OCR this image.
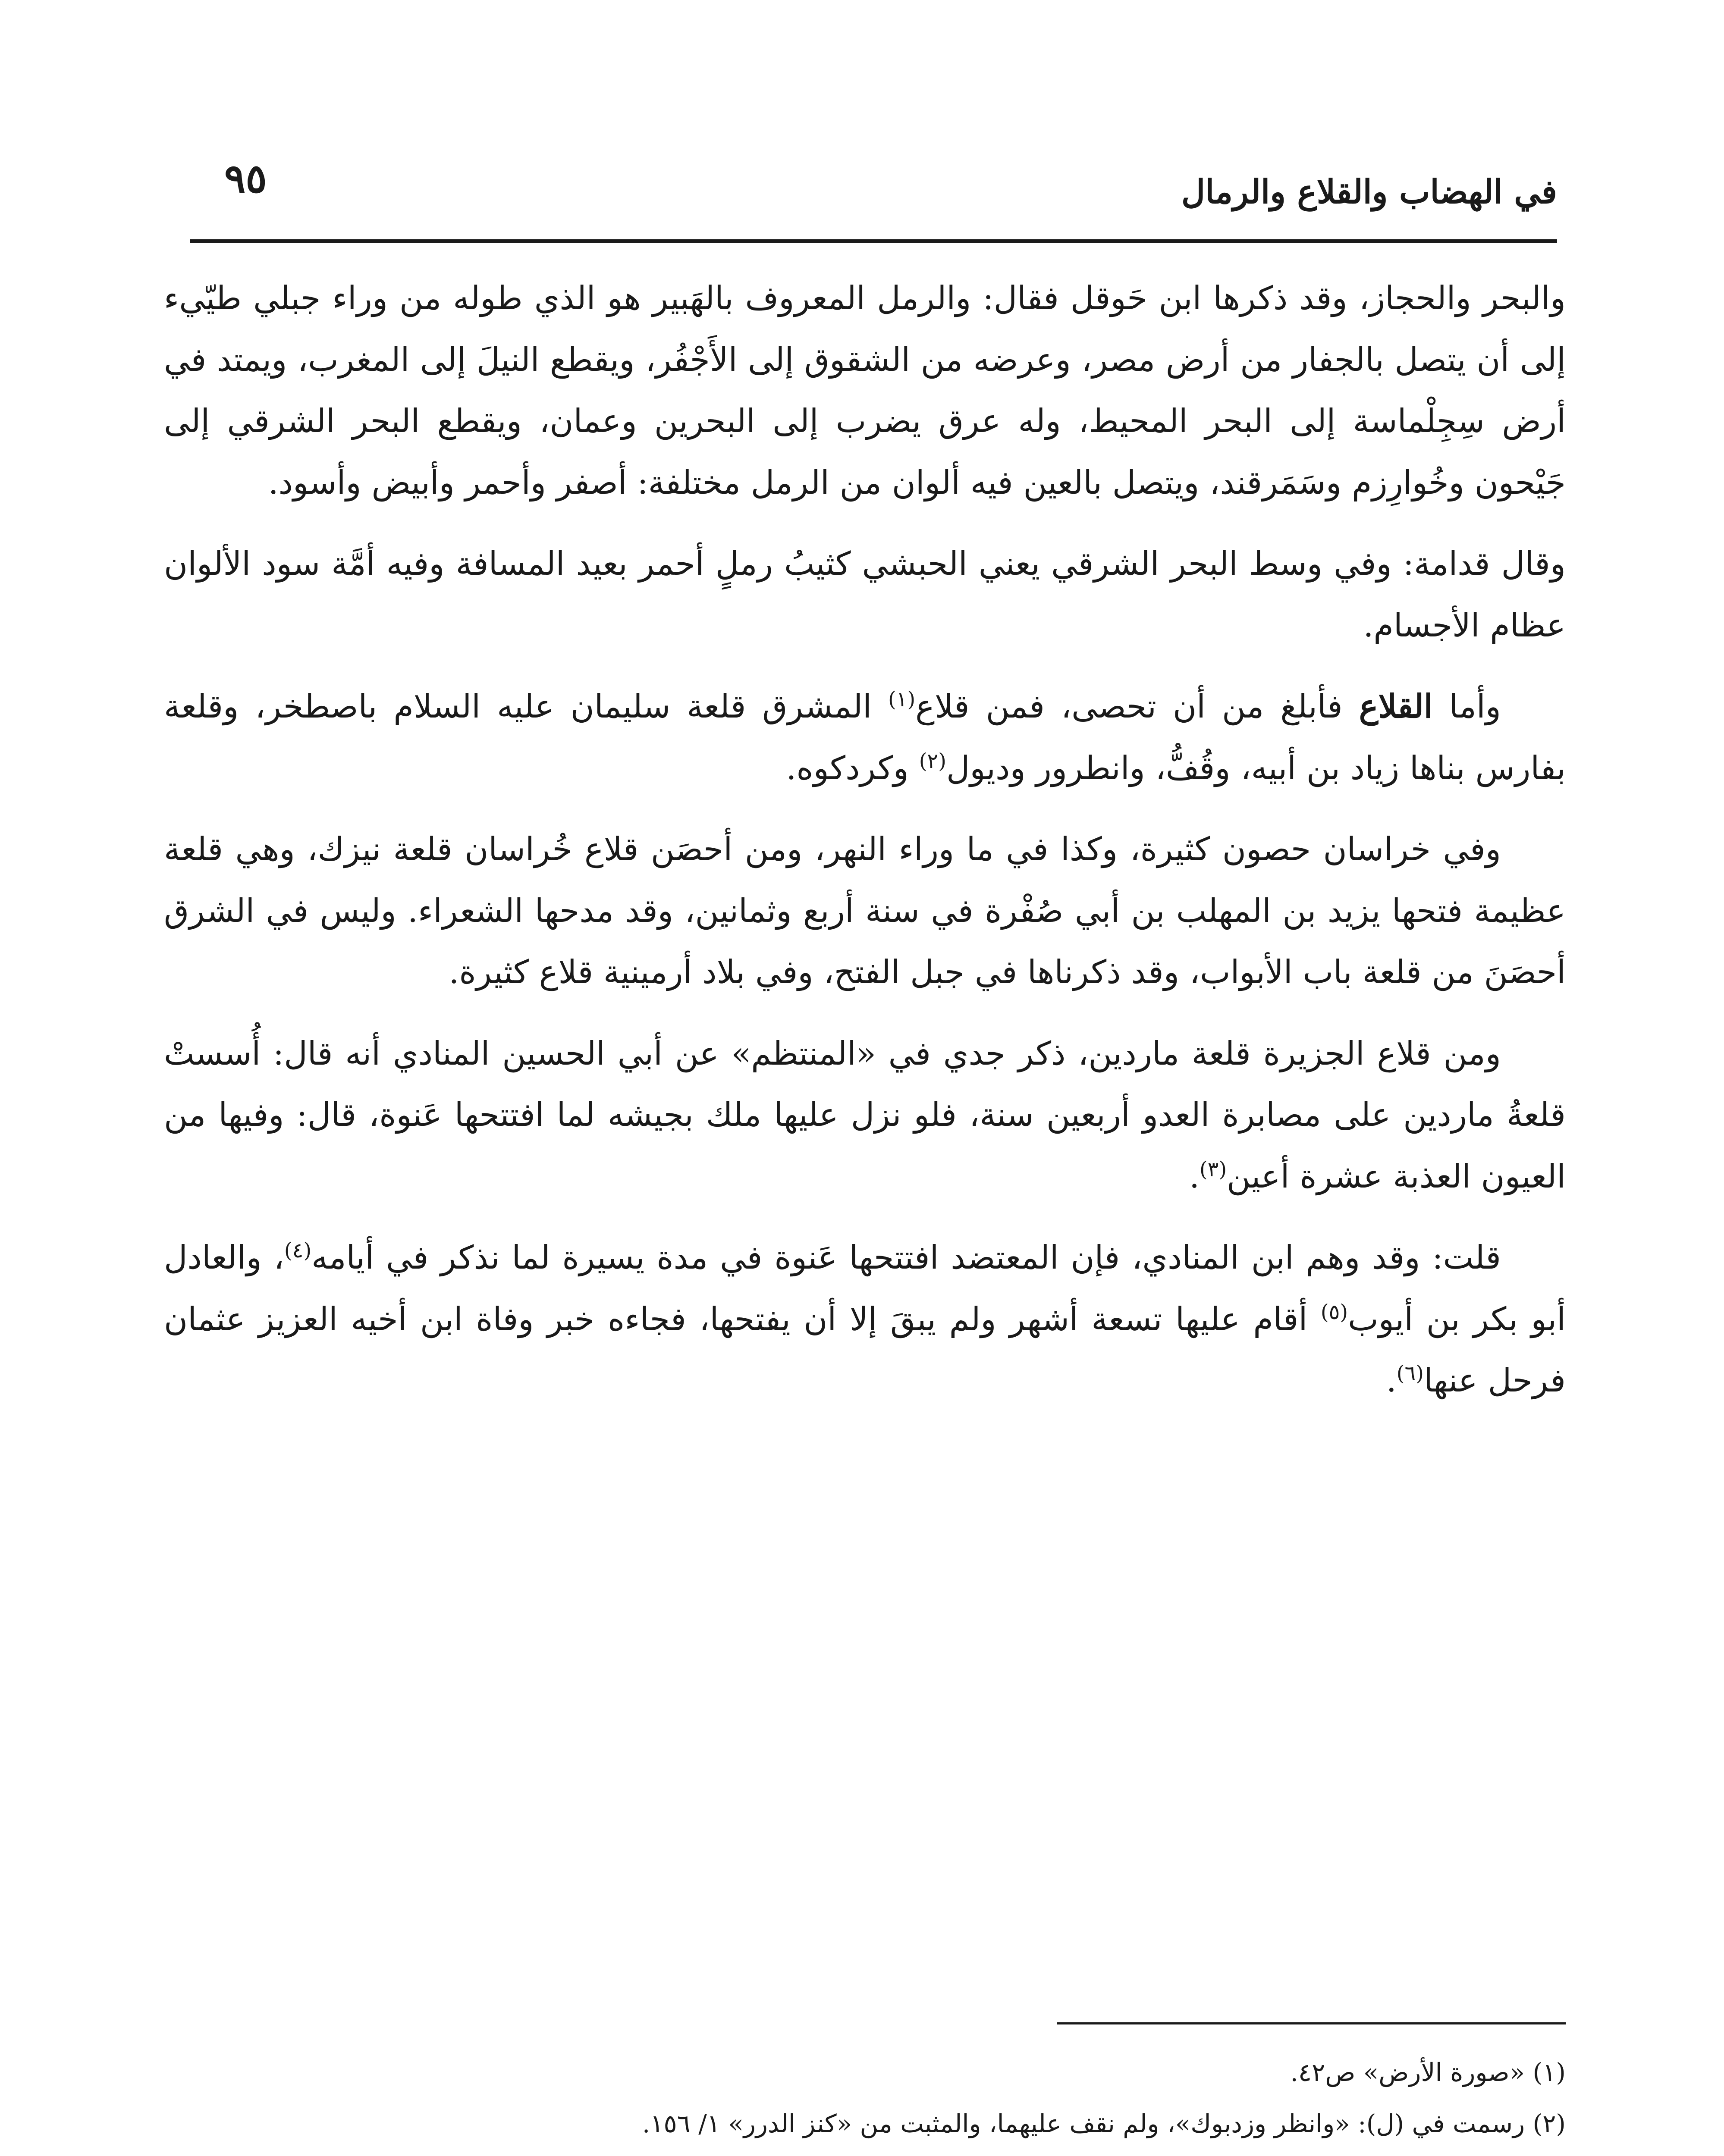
في الهضاب والقلاع والرمال
٩٥

والبحر والحجاز، وقد ذكرها ابن حَوقل فقال: والرمل المعروف بالهَبير هو الذي طوله من وراء جبلي طيّيء إلى أن يتصل بالجفار من أرض مصر، وعرضه من الشقوق إلى الأَجْفُر، ويقطع النيلَ إلى المغرب، ويمتد في أرض سِجِلْماسة إلى البحر المحيط، وله عرق يضرب إلى البحرين وعمان، ويقطع البحر الشرقي إلى جَيْحون وخُوارِزم وسَمَرقند، ويتصل بالعين فيه ألوان من الرمل مختلفة: أصفر وأحمر وأبيض وأسود.

وقال قدامة: وفي وسط البحر الشرقي يعني الحبشي كثيبُ رملٍ أحمر بعيد المسافة وفيه أمَّة سود الألوان عظام الأجسام.

وأما القلاع فأبلغ من أن تحصى، فمن قلاع$^{(١)}$ المشرق قلعة سليمان عليه السلام باصطخر، وقلعة بفارس بناها زياد بن أبيه، وقُفُّ، وانطرور وديول$^{(٢)}$ وكردكوه.

وفي خراسان حصون كثيرة، وكذا في ما وراء النهر، ومن أحصَن قلاع خُراسان قلعة نيزك، وهي قلعة عظيمة فتحها يزيد بن المهلب بن أبي صُفْرة في سنة أربع وثمانين، وقد مدحها الشعراء. وليس في الشرق أحصَنَ من قلعة باب الأبواب، وقد ذكرناها في جبل الفتح، وفي بلاد أرمينية قلاع كثيرة.

ومن قلاع الجزيرة قلعة ماردين، ذكر جدي في «المنتظم» عن أبي الحسين المنادي أنه قال: أُسستْ قلعةُ ماردين على مصابرة العدو أربعين سنة، فلو نزل عليها ملك بجيشه لما افتتحها عَنوة، قال: وفيها من العيون العذبة عشرة أعين$^{(٣)}$.

قلت: وقد وهم ابن المنادي، فإن المعتضد افتتحها عَنوة في مدة يسيرة لما نذكر في أيامه$^{(٤)}$، والعادل أبو بكر بن أيوب$^{(٥)}$ أقام عليها تسعة أشهر ولم يبقَ إلا أن يفتحها، فجاءه خبر وفاة ابن أخيه العزيز عثمان فرحل عنها$^{(٦)}$.

(١) «صورة الأرض» ص٤٢.
(٢) رسمت في (ل): «وانظر وزدبوك»، ولم نقف عليهما، والمثبت من «كنز الدرر» ١/ ١٥٦.
